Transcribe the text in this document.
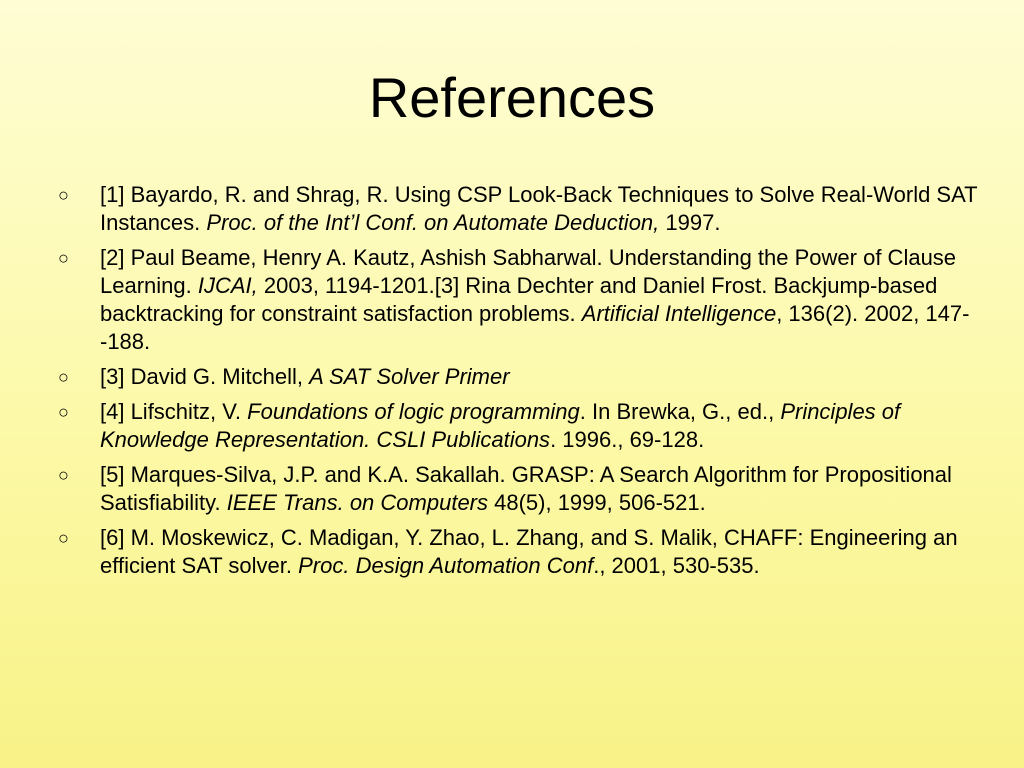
References
○ [1] Bayardo, R. and Shrag, R. Using CSP Look-Back Techniques to Solve Real-World SAT Instances. Proc. of the Int’l Conf. on Automate Deduction, 1997.
○ [2] Paul Beame, Henry A. Kautz, Ashish Sabharwal. Understanding the Power of Clause Learning. IJCAI, 2003, 1194-1201.[3] Rina Dechter and Daniel Frost. Backjump-based backtracking for constraint satisfaction problems. Artificial Intelligence, 136(2). 2002, 147--188.
○ [3] David G. Mitchell, A SAT Solver Primer
○ [4] Lifschitz, V. Foundations of logic programming. In Brewka, G., ed., Principles of Knowledge Representation. CSLI Publications. 1996., 69-128.
○ [5] Marques-Silva, J.P. and K.A. Sakallah. GRASP: A Search Algorithm for Propositional Satisfiability. IEEE Trans. on Computers 48(5), 1999, 506-521.
○ [6] M. Moskewicz, C. Madigan, Y. Zhao, L. Zhang, and S. Malik, CHAFF: Engineering an efficient SAT solver. Proc. Design Automation Conf., 2001, 530-535.
